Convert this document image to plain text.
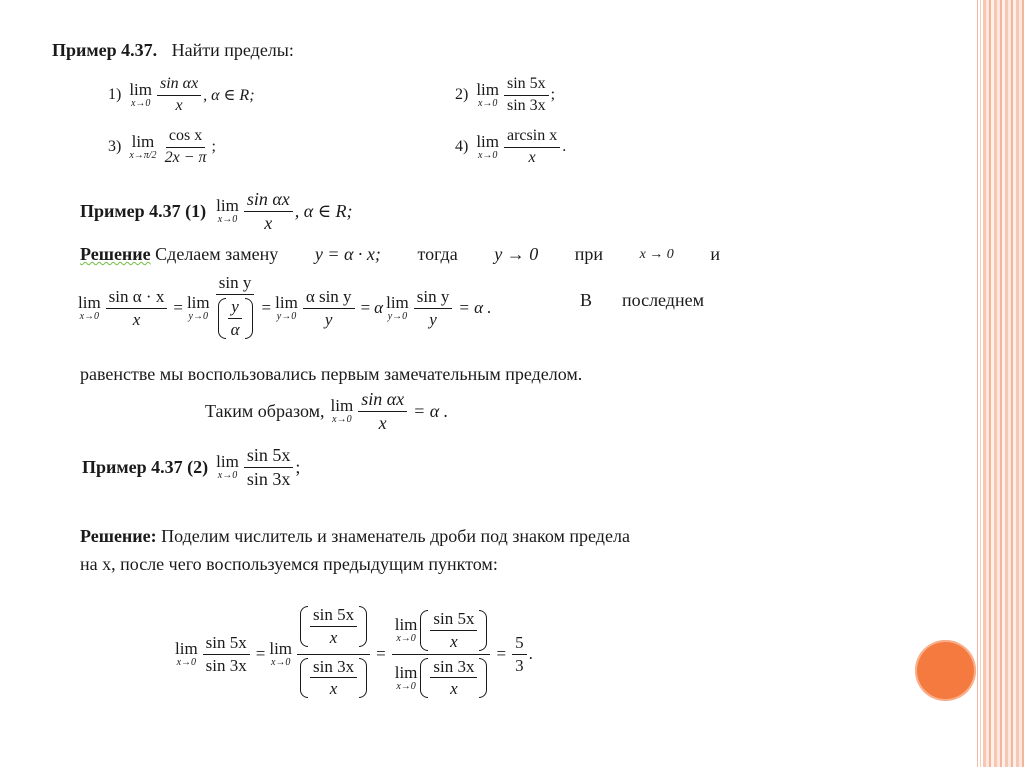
Пример 4.37. Найти пределы:
1) lim
$x\to 0 \frac{\text{sin αx}}{x}$ , α ∈ R;	2) lim
$x\to 0 \frac{\sin 5x}{\sin 3x}$ ;
3) lim
$x\to\pi/2 \frac{\text{cos x}}{2x - \pi}$ ;	4) lim
$x\to 0 \frac{\text{arcsin x}}{x}$ .
Пример 4.37 (1) lim
$x\to 0 \frac{\text{sin αx}}{x}$ , α ∈ R;
Решение Сделаем замену y = α · x; тогда y → 0 при	x → 0 и
lim
$x\to 0 \frac{\text{sin α · x}}{x} = \lim$
$y\to 0 \frac{\text{sin y}}{\frac{y}{\alpha}} = \lim$
$y\to 0 \frac{\text{α sin y}}{y} = \alpha$ lim
$y\to 0 \frac{\text{sin y}}{y} = \alpha$ .	В последнем
равенстве мы воспользовались первым замечательным пределом.
Таким образом, lim
$x\to 0 \frac{\text{sin αx}}{x} = \alpha$ .
Пример 4.37 (2) lim
$x\to 0 \frac{\sin 5x}{\sin 3x}$ ;
Решение: Поделим числитель и знаменатель дроби под знаком предела
на x, после чего воспользуемся предыдущим пунктом:
lim
$x\to 0 \frac{\sin 5x}{\sin 3x} = \lim$
$x\to 0 \frac{\frac{\sin 5x}{x}}{\frac{\sin 3x}{x}} = \lim$
$x\to 0 \frac{\sin 5x}{x}$
lim
$x\to 0 \frac{\sin 3x}{x} = \frac{5}{3}$ .
